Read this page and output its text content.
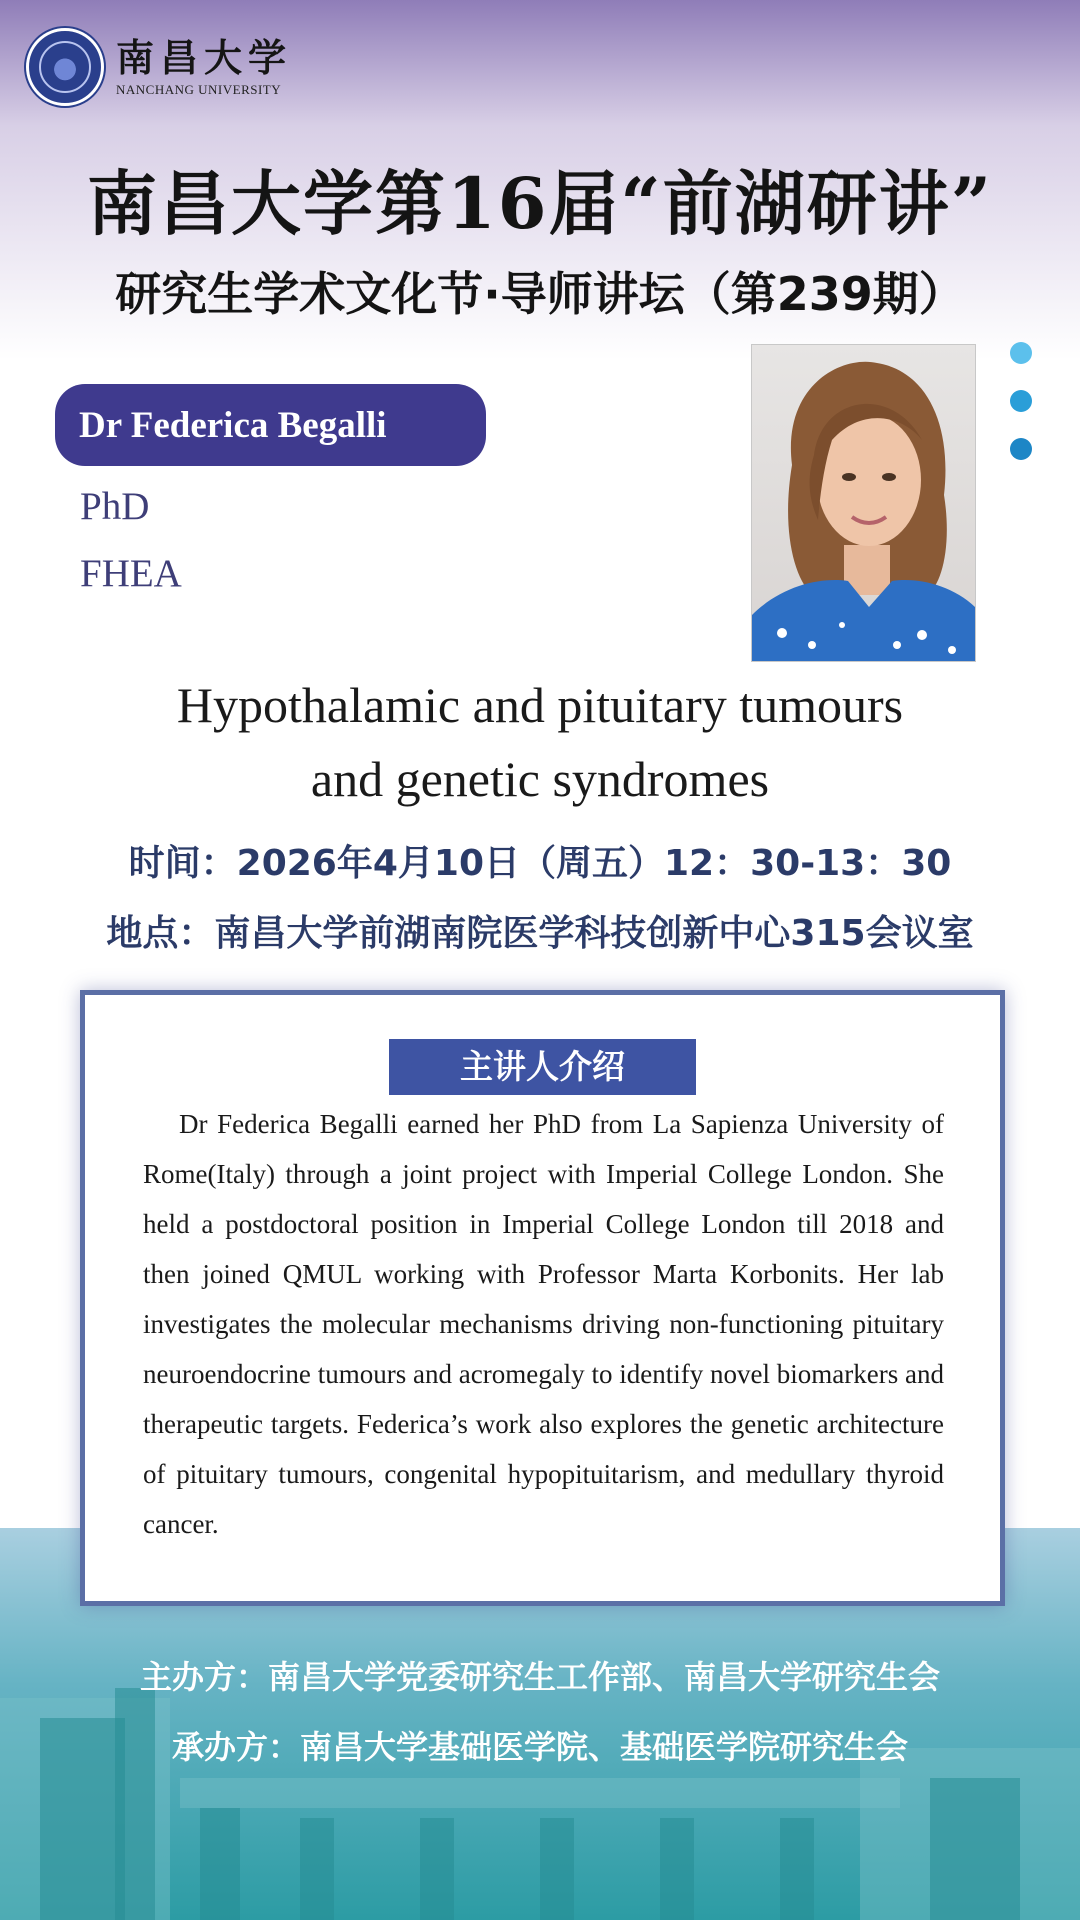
南昌大学
NANCHANG UNIVERSITY
南昌大学第16届“前湖研讲”
研究生学术文化节·导师讲坛（第239期）
Dr Federica Begalli
PhD
FHEA
Hypothalamic and pituitary tumours
and genetic syndromes
时间：2026年4月10日（周五）12：30-13：30
地点：南昌大学前湖南院医学科技创新中心315会议室
主讲人介绍
Dr Federica Begalli earned her PhD from La Sapienza University of Rome(Italy) through a joint project with Imperial College London. She held a postdoctoral position in Imperial College London till 2018 and then joined QMUL working with Professor Marta Korbonits. Her lab investigates the molecular mechanisms driving non-functioning pituitary neuroendocrine tumours and acromegaly to identify novel biomarkers and therapeutic targets. Federica’s work also explores the genetic architecture of pituitary tumours, congenital hypopituitarism, and medullary thyroid cancer.
主办方：南昌大学党委研究生工作部、南昌大学研究生会
承办方：南昌大学基础医学院、基础医学院研究生会
